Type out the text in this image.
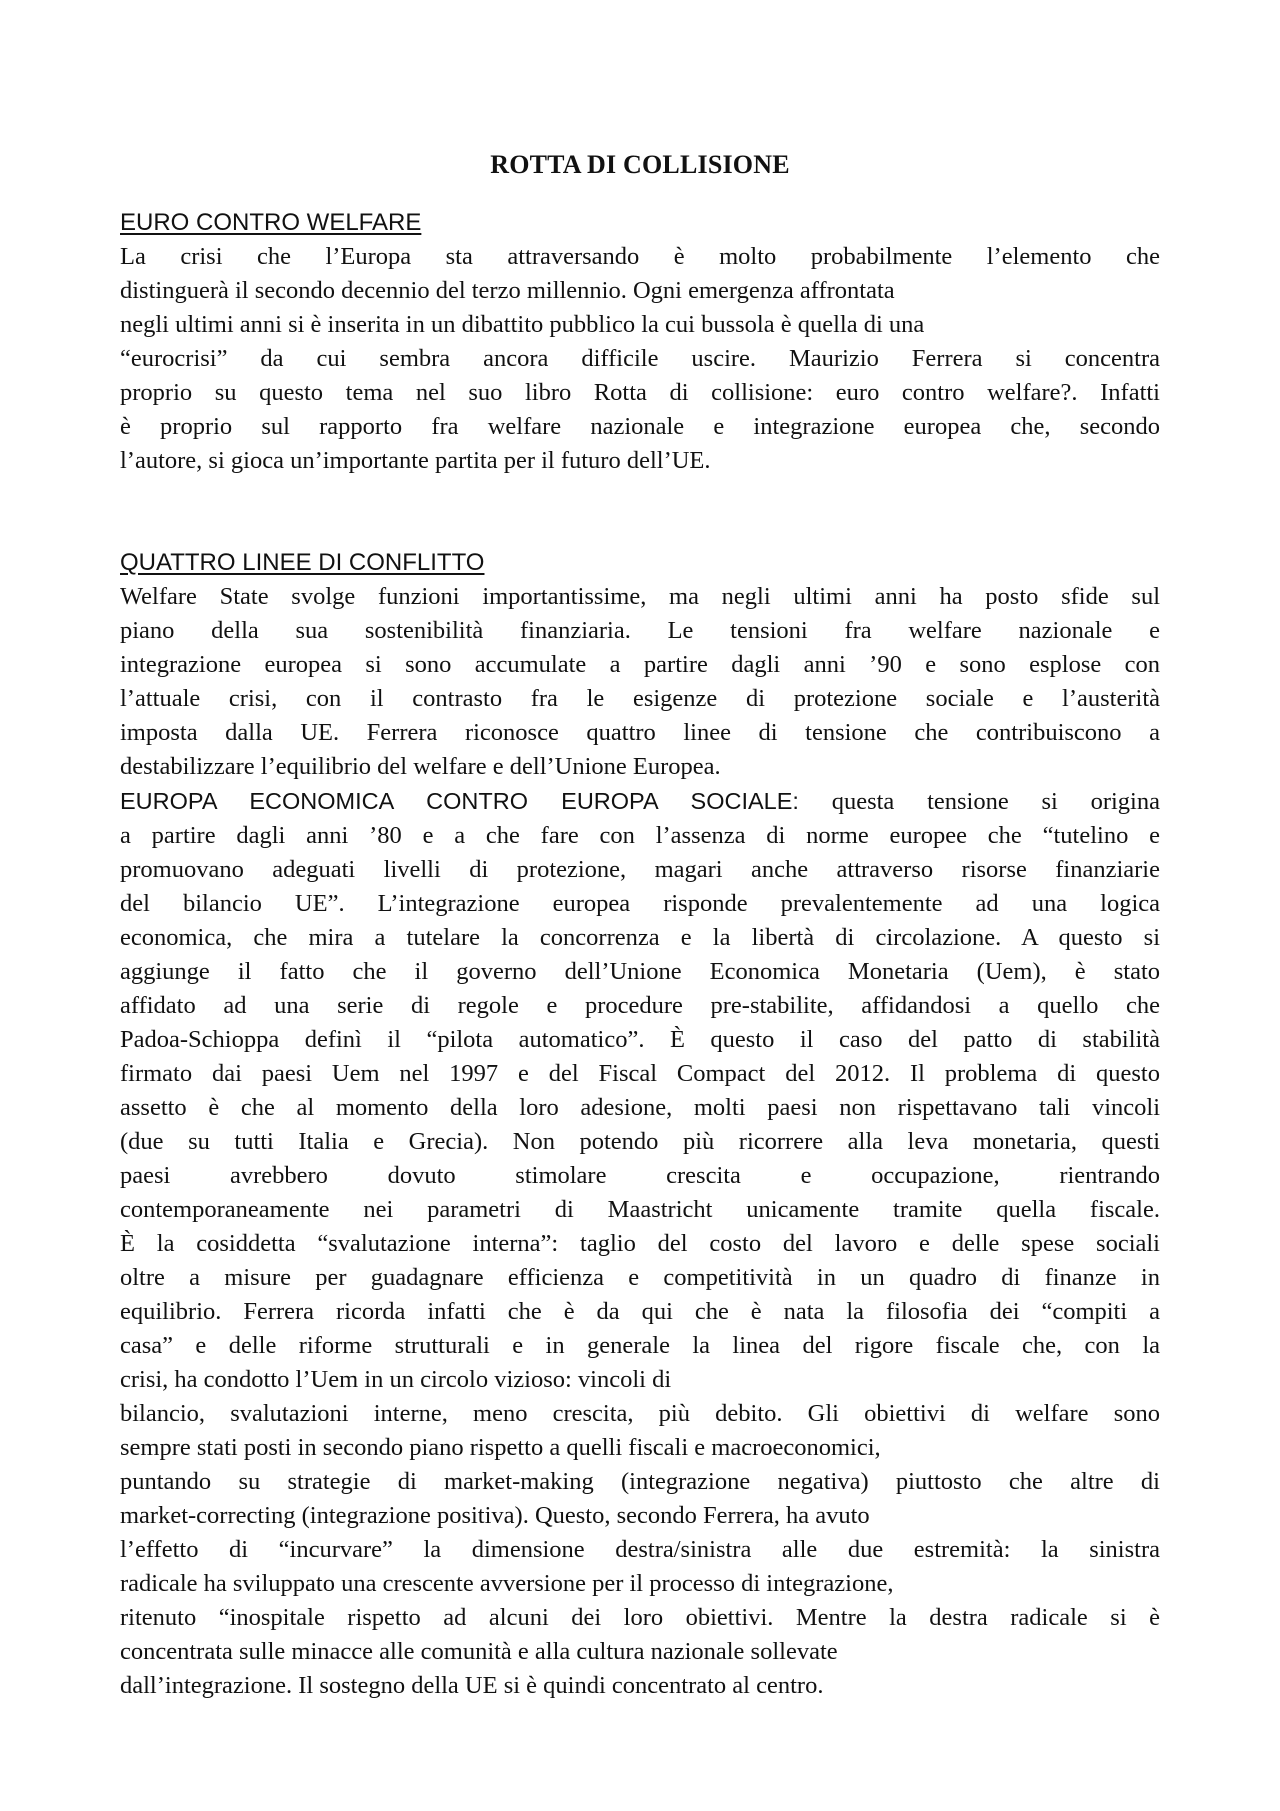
ROTTA DI COLLISIONE
EURO CONTRO WELFARE
La crisi che l’Europa sta attraversando è molto probabilmente l’elemento che
distinguerà il secondo decennio del terzo millennio. Ogni emergenza affrontata
negli ultimi anni si è inserita in un dibattito pubblico la cui bussola è quella di una
“eurocrisi” da cui sembra ancora difficile uscire. Maurizio Ferrera si concentra
proprio su questo tema nel suo libro Rotta di collisione: euro contro welfare?. Infatti
è proprio sul rapporto fra welfare nazionale e integrazione europea che, secondo
l’autore, si gioca un’importante partita per il futuro dell’UE.
QUATTRO LINEE DI CONFLITTO
Welfare State svolge funzioni importantissime, ma negli ultimi anni ha posto sfide sul
piano della sua sostenibilità finanziaria. Le tensioni fra welfare nazionale e
integrazione europea si sono accumulate a partire dagli anni ’90 e sono esplose con
l’attuale crisi, con il contrasto fra le esigenze di protezione sociale e l’austerità
imposta dalla UE. Ferrera riconosce quattro linee di tensione che contribuiscono a
destabilizzare l’equilibrio del welfare e dell’Unione Europea.
EUROPA ECONOMICA CONTRO EUROPA SOCIALE: questa tensione si origina
a partire dagli anni ’80 e a che fare con l’assenza di norme europee che “tutelino e
promuovano adeguati livelli di protezione, magari anche attraverso risorse finanziarie
del bilancio UE”. L’integrazione europea risponde prevalentemente ad una logica
economica, che mira a tutelare la concorrenza e la libertà di circolazione. A questo si
aggiunge il fatto che il governo dell’Unione Economica Monetaria (Uem), è stato
affidato ad una serie di regole e procedure pre-stabilite, affidandosi a quello che
Padoa-Schioppa definì il “pilota automatico”. È questo il caso del patto di stabilità
firmato dai paesi Uem nel 1997 e del Fiscal Compact del 2012. Il problema di questo
assetto è che al momento della loro adesione, molti paesi non rispettavano tali vincoli
(due su tutti Italia e Grecia). Non potendo più ricorrere alla leva monetaria, questi
paesi avrebbero dovuto stimolare crescita e occupazione, rientrando
contemporaneamente nei parametri di Maastricht unicamente tramite quella fiscale.
È la cosiddetta “svalutazione interna”: taglio del costo del lavoro e delle spese sociali
oltre a misure per guadagnare efficienza e competitività in un quadro di finanze in
equilibrio. Ferrera ricorda infatti che è da qui che è nata la filosofia dei “compiti a
casa” e delle riforme strutturali e in generale la linea del rigore fiscale che, con la
crisi, ha condotto l’Uem in un circolo vizioso: vincoli di
bilancio, svalutazioni interne, meno crescita, più debito. Gli obiettivi di welfare sono
sempre stati posti in secondo piano rispetto a quelli fiscali e macroeconomici,
puntando su strategie di market-making (integrazione negativa) piuttosto che altre di
market-correcting (integrazione positiva). Questo, secondo Ferrera, ha avuto
l’effetto di “incurvare” la dimensione destra/sinistra alle due estremità: la sinistra
radicale ha sviluppato una crescente avversione per il processo di integrazione,
ritenuto “inospitale rispetto ad alcuni dei loro obiettivi. Mentre la destra radicale si è
concentrata sulle minacce alle comunità e alla cultura nazionale sollevate
dall’integrazione. Il sostegno della UE si è quindi concentrato al centro.
